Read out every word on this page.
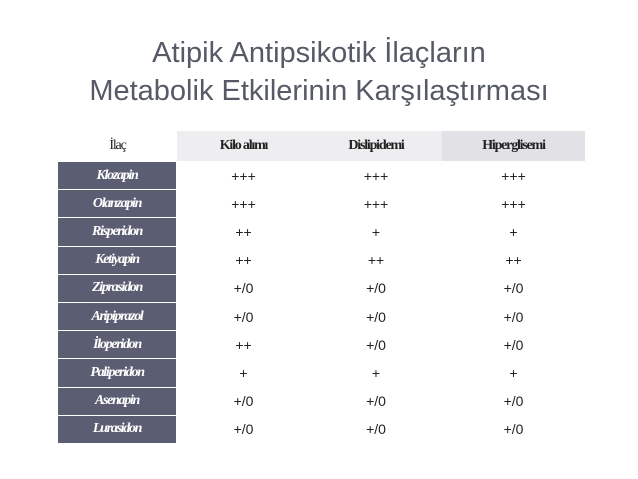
Atipik Antipsikotik İlaçların
Metabolik Etkilerinin Karşılaştırması
İlaç	Kilo alımı	Dislipidemi	Hiperglisemi
Klozapin	+++	+++	+++
Olanzapin	+++	+++	+++
Risperidon	++	+	+
Ketiyapin	++	++	++
Ziprasidon	+/0	+/0	+/0
Aripiprazol	+/0	+/0	+/0
İloperidon	++	+/0	+/0
Paliperidon	+	+	+
Asenapin	+/0	+/0	+/0
Lurasidon	+/0	+/0	+/0
